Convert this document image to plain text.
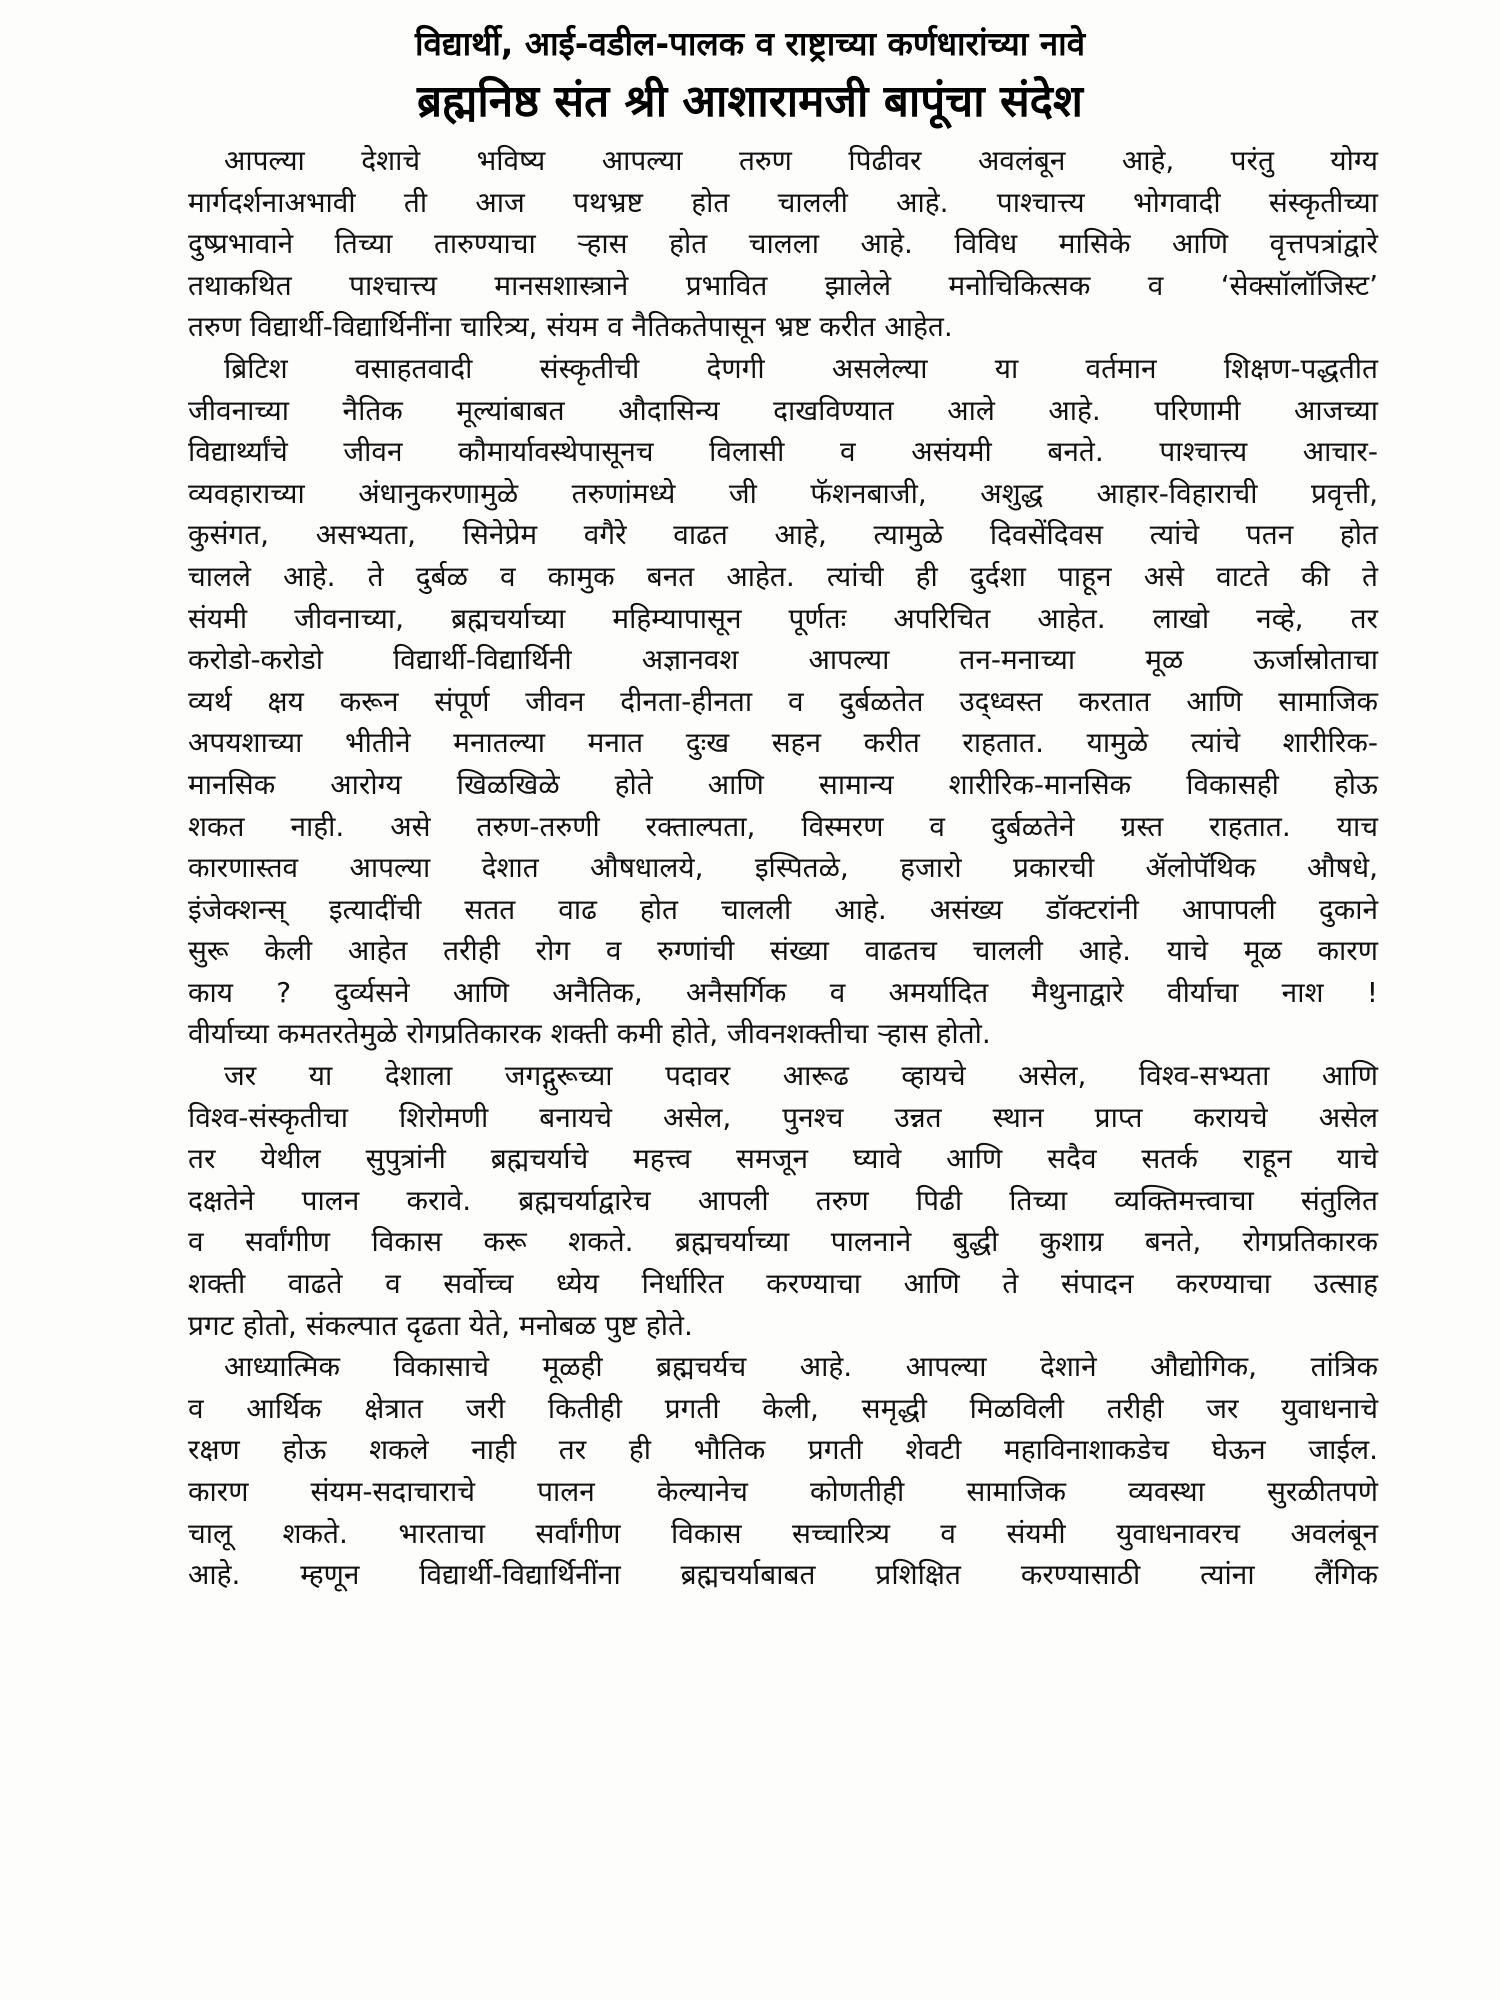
विद्यार्थी, आई-वडील-पालक व राष्ट्राच्या कर्णधारांच्या नावे
ब्रह्मनिष्ठ संत श्री आशारामजी बापूंचा संदेश
आपल्या देशाचे भविष्य आपल्या तरुण पिढीवर अवलंबून आहे, परंतु योग्य
मार्गदर्शनाअभावी ती आज पथभ्रष्ट होत चालली आहे. पाश्चात्त्य भोगवादी संस्कृतीच्या
दुष्प्रभावाने तिच्या तारुण्याचा ऱ्हास होत चालला आहे. विविध मासिके आणि वृत्तपत्रांद्वारे
तथाकथित पाश्चात्त्य मानसशास्त्राने प्रभावित झालेले मनोचिकित्सक व ‘सेक्सॉलॉजिस्ट’
तरुण विद्यार्थी-विद्यार्थिनींना चारित्र्य, संयम व नैतिकतेपासून भ्रष्ट करीत आहेत.
ब्रिटिश वसाहतवादी संस्कृतीची देणगी असलेल्या या वर्तमान शिक्षण-पद्धतीत
जीवनाच्या नैतिक मूल्यांबाबत औदासिन्य दाखविण्यात आले आहे. परिणामी आजच्या
विद्यार्थ्यांचे जीवन कौमार्यावस्थेपासूनच विलासी व असंयमी बनते. पाश्चात्त्य आचार-
व्यवहाराच्या अंधानुकरणामुळे तरुणांमध्ये जी फॅशनबाजी, अशुद्ध आहार-विहाराची प्रवृत्ती,
कुसंगत, असभ्यता, सिनेप्रेम वगैरे वाढत आहे, त्यामुळे दिवसेंदिवस त्यांचे पतन होत
चालले आहे. ते दुर्बळ व कामुक बनत आहेत. त्यांची ही दुर्दशा पाहून असे वाटते की ते
संयमी जीवनाच्या, ब्रह्मचर्याच्या महिम्यापासून पूर्णतः अपरिचित आहेत. लाखो नव्हे, तर
करोडो-करोडो विद्यार्थी-विद्यार्थिनी अज्ञानवश आपल्या तन-मनाच्या मूळ ऊर्जास्रोताचा
व्यर्थ क्षय करून संपूर्ण जीवन दीनता-हीनता व दुर्बळतेत उद्ध्वस्त करतात आणि सामाजिक
अपयशाच्या भीतीने मनातल्या मनात दुःख सहन करीत राहतात. यामुळे त्यांचे शारीरिक-
मानसिक आरोग्य खिळखिळे होते आणि सामान्य शारीरिक-मानसिक विकासही होऊ
शकत नाही. असे तरुण-तरुणी रक्ताल्पता, विस्मरण व दुर्बळतेने ग्रस्त राहतात. याच
कारणास्तव आपल्या देशात औषधालये, इस्पितळे, हजारो प्रकारची ॲलोपॅथिक औषधे,
इंजेक्शन्स् इत्यादींची सतत वाढ होत चालली आहे. असंख्य डॉक्टरांनी आपापली दुकाने
सुरू केली आहेत तरीही रोग व रुग्णांची संख्या वाढतच चालली आहे. याचे मूळ कारण
काय ? दुर्व्यसने आणि अनैतिक, अनैसर्गिक व अमर्यादित मैथुनाद्वारे वीर्याचा नाश !
वीर्याच्या कमतरतेमुळे रोगप्रतिकारक शक्ती कमी होते, जीवनशक्तीचा ऱ्हास होतो.
जर या देशाला जगद्गुरूच्या पदावर आरूढ व्हायचे असेल, विश्व-सभ्यता आणि
विश्व-संस्कृतीचा शिरोमणी बनायचे असेल, पुनश्च उन्नत स्थान प्राप्त करायचे असेल
तर येथील सुपुत्रांनी ब्रह्मचर्याचे महत्त्व समजून घ्यावे आणि सदैव सतर्क राहून याचे
दक्षतेने पालन करावे. ब्रह्मचर्याद्वारेच आपली तरुण पिढी तिच्या व्यक्तिमत्त्वाचा संतुलित
व सर्वांगीण विकास करू शकते. ब्रह्मचर्याच्या पालनाने बुद्धी कुशाग्र बनते, रोगप्रतिकारक
शक्ती वाढते व सर्वोच्च ध्येय निर्धारित करण्याचा आणि ते संपादन करण्याचा उत्साह
प्रगट होतो, संकल्पात दृढता येते, मनोबळ पुष्ट होते.
आध्यात्मिक विकासाचे मूळही ब्रह्मचर्यच आहे. आपल्या देशाने औद्योगिक, तांत्रिक
व आर्थिक क्षेत्रात जरी कितीही प्रगती केली, समृद्धी मिळविली तरीही जर युवाधनाचे
रक्षण होऊ शकले नाही तर ही भौतिक प्रगती शेवटी महाविनाशाकडेच घेऊन जाईल.
कारण संयम-सदाचाराचे पालन केल्यानेच कोणतीही सामाजिक व्यवस्था सुरळीतपणे
चालू शकते. भारताचा सर्वांगीण विकास सच्चारित्र्य व संयमी युवाधनावरच अवलंबून
आहे. म्हणून विद्यार्थी-विद्यार्थिनींना ब्रह्मचर्याबाबत प्रशिक्षित करण्यासाठी त्यांना लैंगिक
